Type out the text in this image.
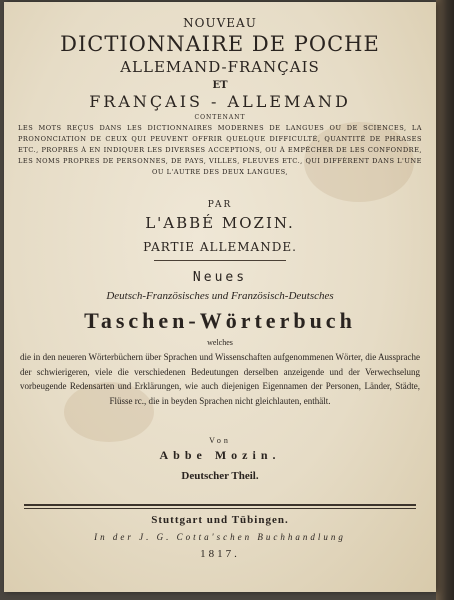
NOUVEAU
DICTIONNAIRE DE POCHE
ALLEMAND-FRANÇAIS
ET
FRANÇAIS - ALLEMAND
CONTENANT
LES MOTS REÇUS DANS LES DICTIONNAIRES MODERNES DE LANGUES OU DE SCIENCES, LA PRONONCIATION DE CEUX QUI PEUVENT OFFRIR QUELQUE DIFFICULTÉ, QUANTITÉ DE PHRASES ETC., PROPRES À EN INDIQUER LES DIVERSES ACCEPTIONS, OU À EMPÊCHER DE LES CONFONDRE, LES NOMS PROPRES DE PERSONNES, DE PAYS, VILLES, FLEUVES ETC., QUI DIFFÈRENT DANS L'UNE OU L'AUTRE DES DEUX LANGUES,
PAR
L'ABBÉ MOZIN.
PARTIE ALLEMANDE.
Neues
Deutsch-Französisches und Französisch-Deutsches
Taschen-Wörterbuch
welches
die in den neueren Wörterbüchern über Sprachen und Wissenschaften aufgenommenen Wörter, die Aussprache der schwierigeren, viele die verschiedenen Bedeutungen derselben anzeigende und der Verwechselung vorbeugende Redensarten und Erklärungen, wie auch diejenigen Eigennamen der Personen, Länder, Städte, Flüsse rc., die in beyden Sprachen nicht gleichlauten, enthält.
Von
Abbe Mozin.
Deutscher Theil.
Stuttgart und Tübingen.
In der J. G. Cotta'schen Buchhandlung
1817.
